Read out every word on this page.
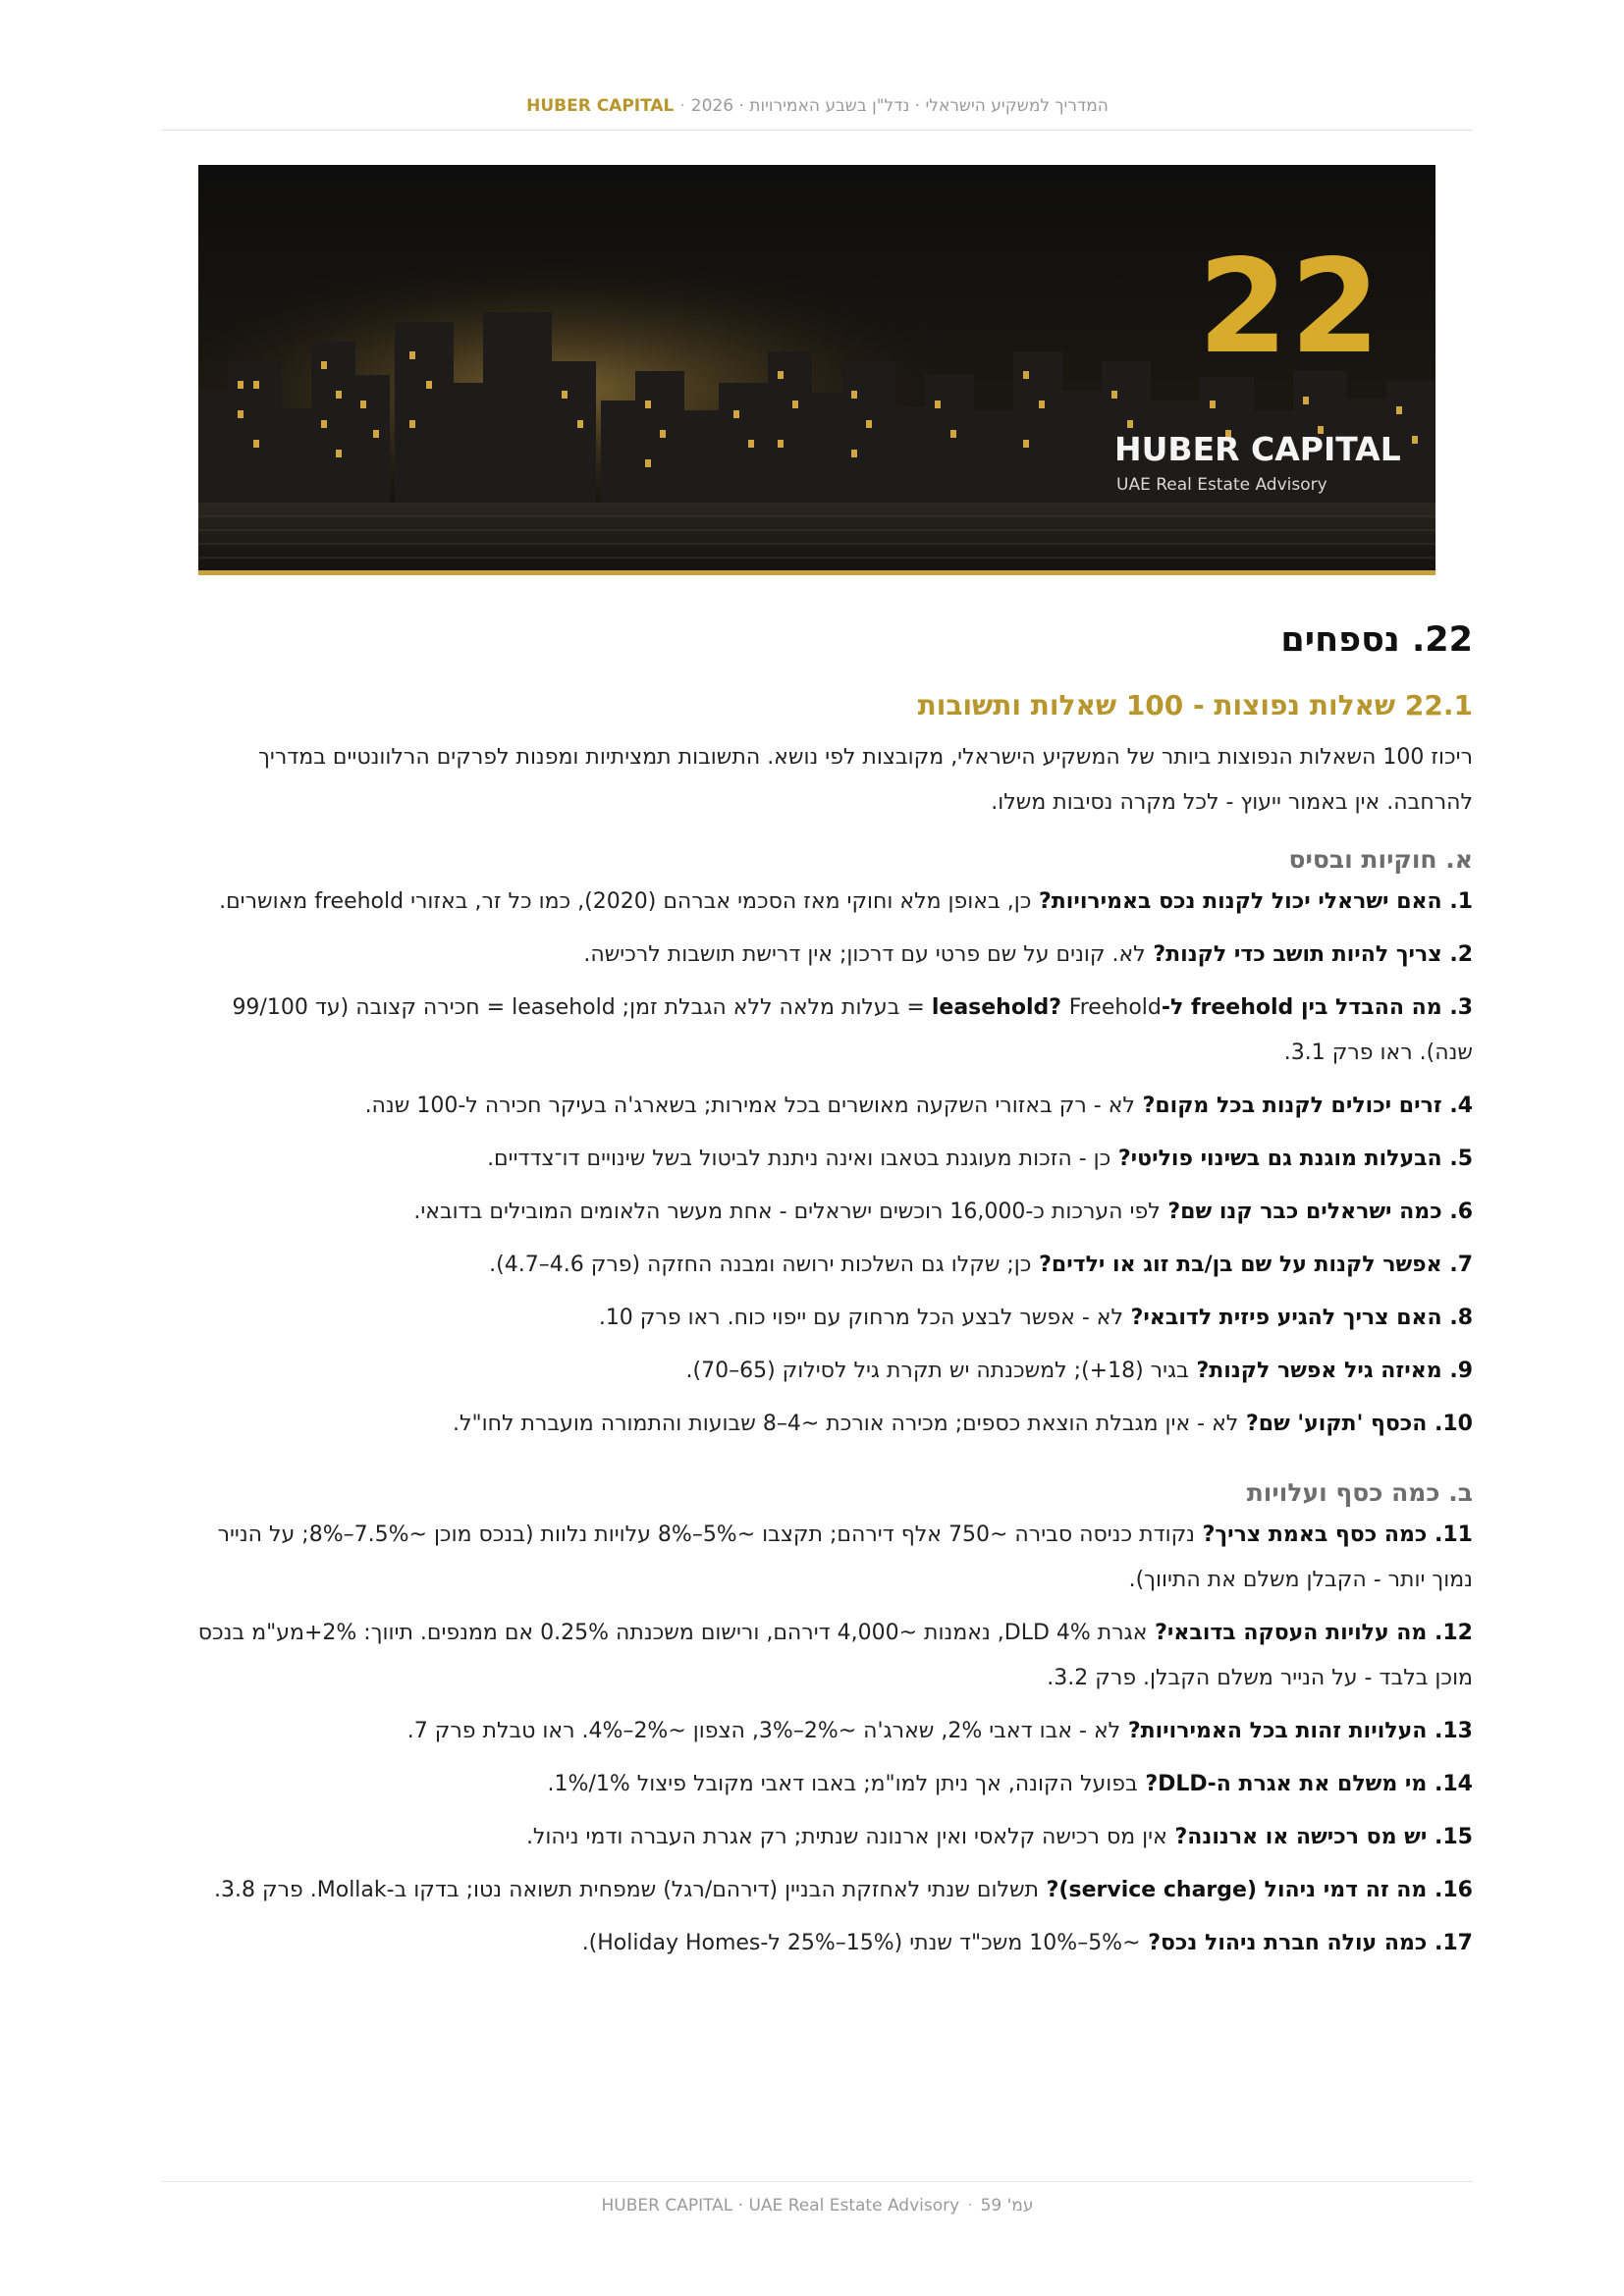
המדריך למשקיע הישראלי · נדל"ן בשבע האמירויות · 2026·HUBER CAPITAL
22
HUBER CAPITAL
UAE Real Estate Advisory
22. נספחים
22.1 שאלות נפוצות - 100 שאלות ותשובות

ריכוז 100 השאלות הנפוצות ביותר של המשקיע הישראלי, מקובצות לפי נושא. התשובות תמציתיות ומפנות לפרקים הרלוונטיים במדריך להרחבה. אין באמור ייעוץ - לכל מקרה נסיבות משלו.

א. חוקיות ובסיס

1.האם ישראלי יכול לקנות נכס באמירויות?כן, באופן מלא וחוקי מאז הסכמי אברהם (2020), כמו כל זר, באזורי freehold מאושרים.

2.צריך להיות תושב כדי לקנות?לא. קונים על שם פרטי עם דרכון; אין דרישת תושבות לרכישה.

3.מה ההבדל בין freehold ל-leasehold?Freehold = בעלות מלאה ללא הגבלת זמן; leasehold = חכירה קצובה (עד 99/100 שנה). ראו פרק 3.1.

4.זרים יכולים לקנות בכל מקום?לא - רק באזורי השקעה מאושרים בכל אמירות; בשארג'ה בעיקר חכירה ל-100 שנה.

5.הבעלות מוגנת גם בשינוי פוליטי?כן - הזכות מעוגנת בטאבו ואינה ניתנת לביטול בשל שינויים דו־צדדיים.

6.כמה ישראלים כבר קנו שם?לפי הערכות כ-16,000 רוכשים ישראלים - אחת מעשר הלאומים המובילים בדובאי.

7.אפשר לקנות על שם בן/בת זוג או ילדים?כן; שקלו גם השלכות ירושה ומבנה החזקה (פרק 4.6–4.7).

8.האם צריך להגיע פיזית לדובאי?לא - אפשר לבצע הכל מרחוק עם ייפוי כוח. ראו פרק 10.

9.מאיזה גיל אפשר לקנות?בגיר (18+); למשכנתה יש תקרת גיל לסילוק (65–70).

10.הכסף 'תקוע' שם?לא - אין מגבלת הוצאת כספים; מכירה אורכת ~4–8 שבועות והתמורה מועברת לחו"ל.

ב. כמה כסף ועלויות

11.כמה כסף באמת צריך?נקודת כניסה סבירה ~750 אלף דירהם; תקצבו ~5%–8% עלויות נלוות (בנכס מוכן ~7.5%–8%; על הנייר נמוך יותר - הקבלן משלם את התיווך).

12.מה עלויות העסקה בדובאי?אגרת DLD 4%, נאמנות ~4,000 דירהם, ורישום משכנתה 0.25% אם ממנפים. תיווך: 2%+מע"מ בנכס מוכן בלבד - על הנייר משלם הקבלן. פרק 3.2.

13.העלויות זהות בכל האמירויות?לא - אבו דאבי 2%, שארג'ה ~2%–3%, הצפון ~2%–4%. ראו טבלת פרק 7.

14.מי משלם את אגרת ה-DLD?בפועל הקונה, אך ניתן למו"מ; באבו דאבי מקובל פיצול 1%/1%.

15.יש מס רכישה או ארנונה?אין מס רכישה קלאסי ואין ארנונה שנתית; רק אגרת העברה ודמי ניהול.

16.מה זה דמי ניהול (service charge)?תשלום שנתי לאחזקת הבניין (דירהם/רגל) שמפחית תשואה נטו; בדקו ב-Mollak. פרק 3.8.

17.כמה עולה חברת ניהול נכס?~5%–10% משכ"ד שנתי (15%–25% ל-Holiday Homes).

עמ' 59·HUBER CAPITAL · UAE Real Estate Advisory
